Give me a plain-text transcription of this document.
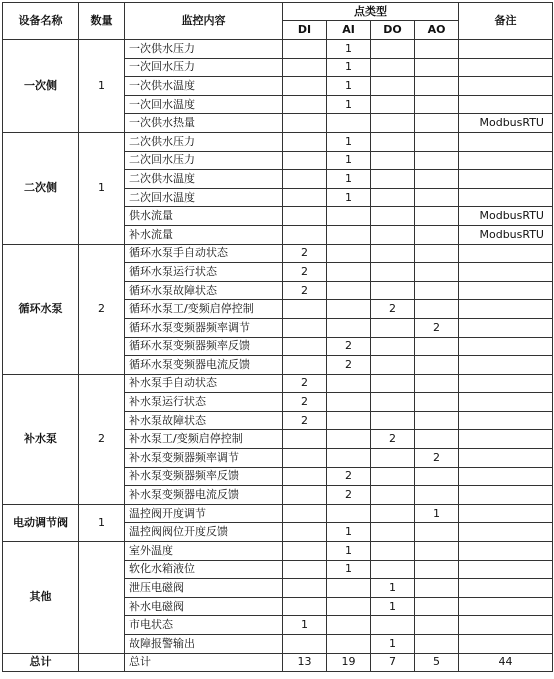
设备名称	数量	监控内容	点类型				备注
			DI	AI	DO	AO	
一次侧	1	一次供水压力		1			
		一次回水压力		1			
		一次供水温度		1			
		一次回水温度		1			
		一次供水热量					ModbusRTU
二次侧	1	二次供水压力		1			
		二次回水压力		1			
		二次供水温度		1			
		二次回水温度		1			
		供水流量					ModbusRTU
		补水流量					ModbusRTU
循环水泵	2	循环水泵手自动状态	2				
		循环水泵运行状态	2				
		循环水泵故障状态	2				
		循环水泵工/变频启停控制			2		
		循环水泵变频器频率调节				2	
		循环水泵变频器频率反馈		2			
		循环水泵变频器电流反馈		2			
补水泵	2	补水泵手自动状态	2				
		补水泵运行状态	2				
		补水泵故障状态	2				
		补水泵工/变频启停控制			2		
		补水泵变频器频率调节				2	
		补水泵变频器频率反馈		2			
		补水泵变频器电流反馈		2			
电动调节阀	1	温控阀开度调节				1	
		温控阀阀位开度反馈		1			
其他		室外温度		1			
		软化水箱液位		1			
		泄压电磁阀			1		
		补水电磁阀			1		
		市电状态	1				
		故障报警输出			1		
总计		总计	13	19	7	5	44
